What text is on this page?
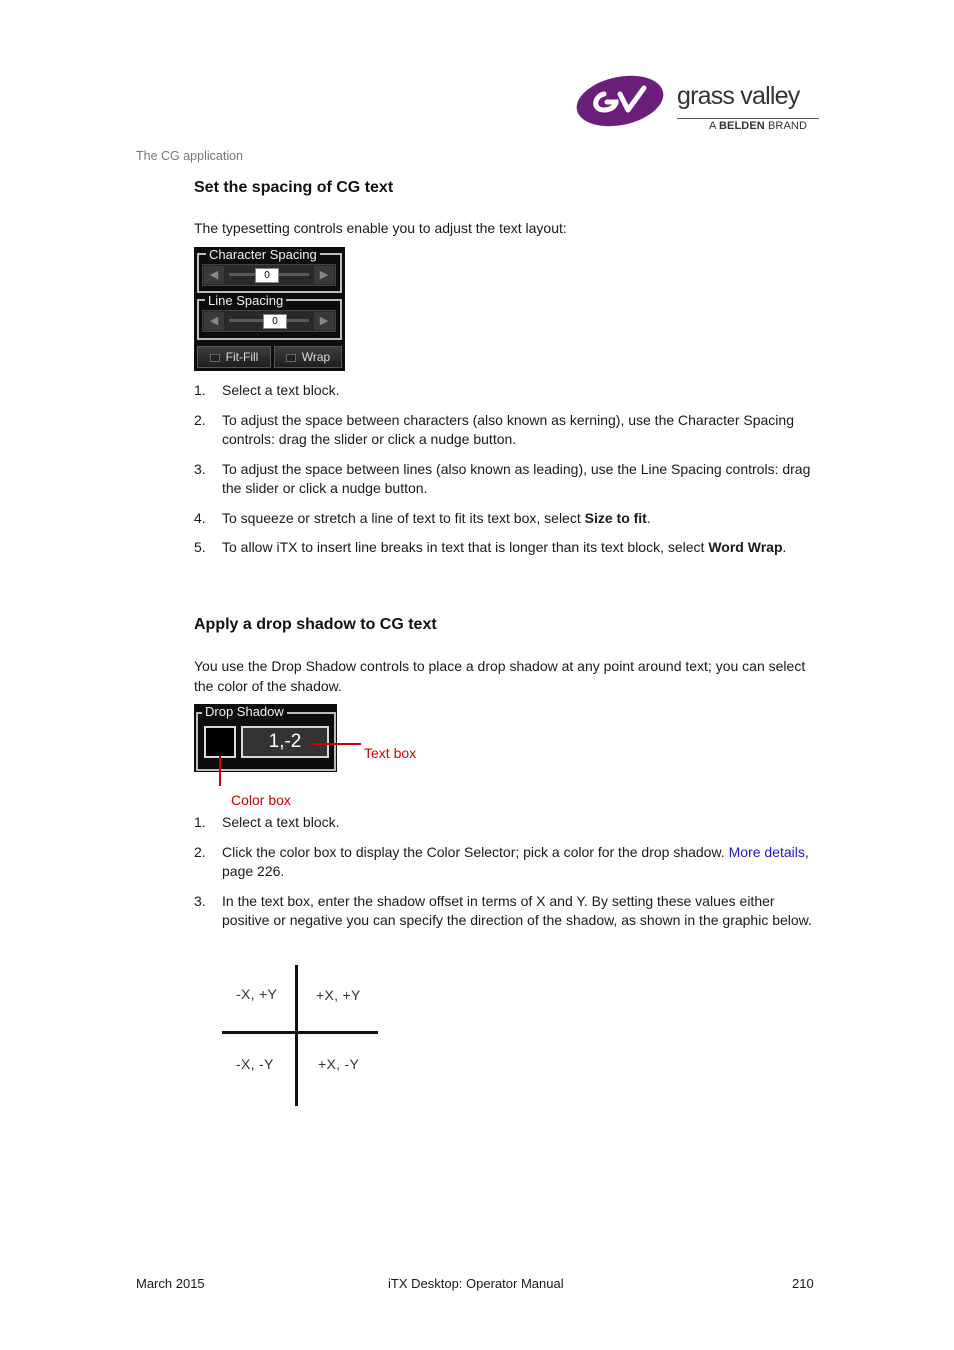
grass valley
A BELDEN BRAND
The CG application
Set the spacing of CG text

The typesetting controls enable you to adjust the text layout:

Character Spacing
◀	0	▶
Line Spacing
◀	0	▶
Fit-Fill	Wrap
1. Select a text block.
2. To adjust the space between characters (also known as kerning), use the Character Spacing controls: drag the slider or click a nudge button.
3. To adjust the space between lines (also known as leading), use the Line Spacing controls: drag the slider or click a nudge button.
4. To squeeze or stretch a line of text to fit its text box, select Size to fit.
5. To allow iTX to insert line breaks in text that is longer than its text block, select Word Wrap.
Apply a drop shadow to CG text

You use the Drop Shadow controls to place a drop shadow at any point around text; you can select the color of the shadow.

Drop Shadow
1,-2
Text box
Color box
1. Select a text block.
2. Click the color box to display the Color Selector; pick a color for the drop shadow. More details, page 226.
3. In the text box, enter the shadow offset in terms of X and Y. By setting these values either positive or negative you can specify the direction of the shadow, as shown in the graphic below.
-X, +Y	+X, +Y
-X, -Y	+X, -Y
March 2015	iTX Desktop: Operator Manual	210
